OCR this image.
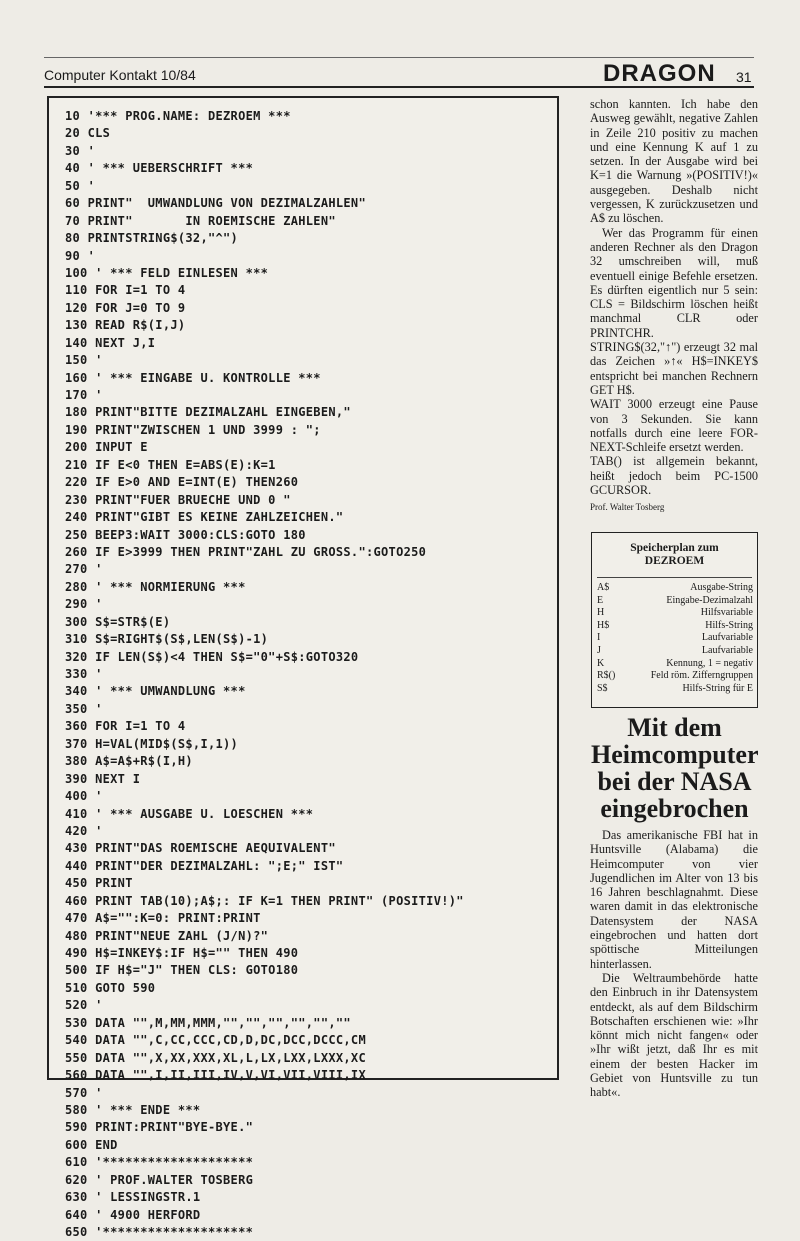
Computer Kontakt 10/84	DRAGON 31
10 '*** PROG.NAME: DEZROEM ***
20 CLS
30 '
40 ' *** UEBERSCHRIFT ***
50 '
60 PRINT"  UMWANDLUNG VON DEZIMALZAHLEN"
70 PRINT"       IN ROEMISCHE ZAHLEN"
80 PRINTSTRING$(32,"^")
90 '
100 ' *** FELD EINLESEN ***
110 FOR I=1 TO 4
120 FOR J=0 TO 9
130 READ R$(I,J)
140 NEXT J,I
150 '
160 ' *** EINGABE U. KONTROLLE ***
170 '
180 PRINT"BITTE DEZIMALZAHL EINGEBEN,"
190 PRINT"ZWISCHEN 1 UND 3999 : ";
200 INPUT E
210 IF E<0 THEN E=ABS(E):K=1
220 IF E>0 AND E=INT(E) THEN260
230 PRINT"FUER BRUECHE UND 0 "
240 PRINT"GIBT ES KEINE ZAHLZEICHEN."
250 BEEP3:WAIT 3000:CLS:GOTO 180
260 IF E>3999 THEN PRINT"ZAHL ZU GROSS.":GOTO250
270 '
280 ' *** NORMIERUNG ***
290 '
300 S$=STR$(E)
310 S$=RIGHT$(S$,LEN(S$)-1)
320 IF LEN(S$)<4 THEN S$="0"+S$:GOTO320
330 '
340 ' *** UMWANDLUNG ***
350 '
360 FOR I=1 TO 4
370 H=VAL(MID$(S$,I,1))
380 A$=A$+R$(I,H)
390 NEXT I
400 '
410 ' *** AUSGABE U. LOESCHEN ***
420 '
430 PRINT"DAS ROEMISCHE AEQUIVALENT"
440 PRINT"DER DEZIMALZAHL: ";E;" IST"
450 PRINT
460 PRINT TAB(10);A$;: IF K=1 THEN PRINT" (POSITIV!)"
470 A$="":K=0: PRINT:PRINT
480 PRINT"NEUE ZAHL (J/N)?"
490 H$=INKEY$:IF H$="" THEN 490
500 IF H$="J" THEN CLS: GOTO180
510 GOTO 590
520 '
530 DATA "",M,MM,MMM,"","","","","",""
540 DATA "",C,CC,CCC,CD,D,DC,DCC,DCCC,CM
550 DATA "",X,XX,XXX,XL,L,LX,LXX,LXXX,XC
560 DATA "",I,II,III,IV,V,VI,VII,VIII,IX
570 '
580 ' *** ENDE ***
590 PRINT:PRINT"BYE-BYE."
600 END
610 '********************
620 ' PROF.WALTER TOSBERG
630 ' LESSINGSTR.1
640 ' 4900 HERFORD
650 '********************

schon kannten. Ich habe den Ausweg gewählt, negative Zahlen in Zeile 210 positiv zu machen und eine Kennung K auf 1 zu setzen. In der Ausgabe wird bei K=1 die Warnung »(POSITIV!)« ausgegeben. Deshalb nicht vergessen, K zurückzusetzen und A$ zu löschen.

Wer das Programm für einen anderen Rechner als den Dragon 32 umschreiben will, muß eventuell einige Befehle ersetzen. Es dürften eigentlich nur 5 sein: CLS = Bildschirm löschen heißt manchmal CLR oder PRINTCHR.

STRING$(32,"↑") erzeugt 32 mal das Zeichen »↑« H$=INKEY$ entspricht bei manchen Rechnern GET H$.

WAIT 3000 erzeugt eine Pause von 3 Sekunden. Sie kann notfalls durch eine leere FOR-NEXT-Schleife ersetzt werden.

TAB() ist allgemein bekannt, heißt jedoch beim PC-1500 GCURSOR.

Prof. Walter Tosberg

Speicherplan zum
DEZROEM
A$	Ausgabe-String
E	Eingabe-Dezimalzahl
H	Hilfsvariable
H$	Hilfs-String
I	Laufvariable
J	Laufvariable
K	Kennung, 1 = negativ
R$()	Feld röm. Zifferngruppen
S$	Hilfs-String für E
Mit dem
Heimcomputer
bei der NASA
eingebrochen

Das amerikanische FBI hat in Huntsville (Alabama) die Heimcomputer von vier Jugendlichen im Alter von 13 bis 16 Jahren beschlagnahmt. Diese waren damit in das elektronische Datensystem der NASA eingebrochen und hatten dort spöttische Mitteilungen hinterlassen.

Die Weltraumbehörde hatte den Einbruch in ihr Datensystem entdeckt, als auf dem Bildschirm Botschaften erschienen wie: »Ihr könnt mich nicht fangen« oder »Ihr wißt jetzt, daß Ihr es mit einem der besten Hacker im Gebiet von Huntsville zu tun habt«.
